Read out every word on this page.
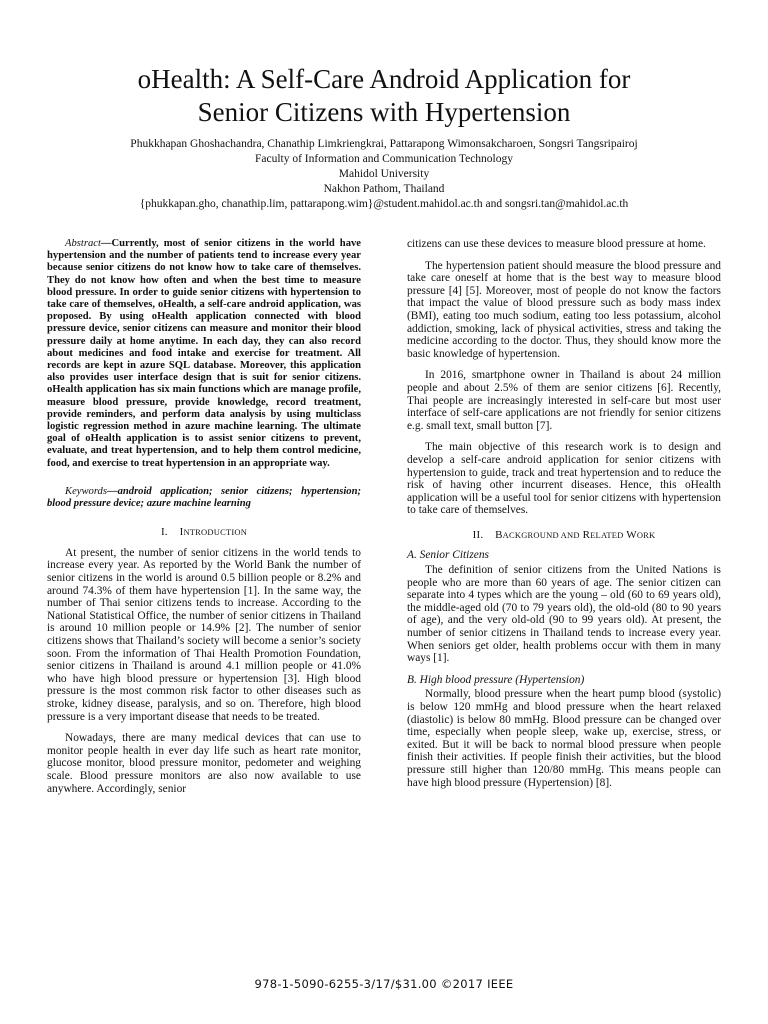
oHealth: A Self-Care Android Application for
Senior Citizens with Hypertension
Phukkhapan Ghoshachandra, Chanathip Limkriengkrai, Pattarapong Wimonsakcharoen, Songsri Tangsripairoj
Faculty of Information and Communication Technology
Mahidol University
Nakhon Pathom, Thailand
{phukkapan.gho, chanathip.lim, pattarapong.wim}@student.mahidol.ac.th and songsri.tan@mahidol.ac.th

Abstract—Currently, most of senior citizens in the world have hypertension and the number of patients tend to increase every year because senior citizens do not know how to take care of themselves. They do not know how often and when the best time to measure blood pressure. In order to guide senior citizens with hypertension to take care of themselves, oHealth, a self-care android application, was proposed. By using oHealth application connected with blood pressure device, senior citizens can measure and monitor their blood pressure daily at home anytime. In each day, they can also record about medicines and food intake and exercise for treatment. All records are kept in azure SQL database. Moreover, this application also provides user interface design that is suit for senior citizens. oHealth application has six main functions which are manage profile, measure blood pressure, provide knowledge, record treatment, provide reminders, and perform data analysis by using multiclass logistic regression method in azure machine learning. The ultimate goal of oHealth application is to assist senior citizens to prevent, evaluate, and treat hypertension, and to help them control medicine, food, and exercise to treat hypertension in an appropriate way.

Keywords—android application; senior citizens; hypertension; blood pressure device; azure machine learning

I. INTRODUCTION

At present, the number of senior citizens in the world tends to increase every year. As reported by the World Bank the number of senior citizens in the world is around 0.5 billion people or 8.2% and around 74.3% of them have hypertension [1]. In the same way, the number of Thai senior citizens tends to increase. According to the National Statistical Office, the number of senior citizens in Thailand is around 10 million people or 14.9% [2]. The number of senior citizens shows that Thailand’s society will become a senior’s society soon. From the information of Thai Health Promotion Foundation, senior citizens in Thailand is around 4.1 million people or 41.0% who have high blood pressure or hypertension [3]. High blood pressure is the most common risk factor to other diseases such as stroke, kidney disease, paralysis, and so on. Therefore, high blood pressure is a very important disease that needs to be treated.

Nowadays, there are many medical devices that can use to monitor people health in ever day life such as heart rate monitor, glucose monitor, blood pressure monitor, pedometer and weighing scale. Blood pressure monitors are also now available to use anywhere. Accordingly, senior

citizens can use these devices to measure blood pressure at home.

The hypertension patient should measure the blood pressure and take care oneself at home that is the best way to measure blood pressure [4] [5]. Moreover, most of people do not know the factors that impact the value of blood pressure such as body mass index (BMI), eating too much sodium, eating too less potassium, alcohol addiction, smoking, lack of physical activities, stress and taking the medicine according to the doctor. Thus, they should know more the basic knowledge of hypertension.

In 2016, smartphone owner in Thailand is about 24 million people and about 2.5% of them are senior citizens [6]. Recently, Thai people are increasingly interested in self-care but most user interface of self-care applications are not friendly for senior citizens e.g. small text, small button [7].

The main objective of this research work is to design and develop a self-care android application for senior citizens with hypertension to guide, track and treat hypertension and to reduce the risk of having other incurrent diseases. Hence, this oHealth application will be a useful tool for senior citizens with hypertension to take care of themselves.

II. BACKGROUND AND RELATED WORK
A. Senior Citizens

The definition of senior citizens from the United Nations is people who are more than 60 years of age. The senior citizen can separate into 4 types which are the young – old (60 to 69 years old), the middle-aged old (70 to 79 years old), the old-old (80 to 90 years of age), and the very old-old (90 to 99 years old). At present, the number of senior citizens in Thailand tends to increase every year. When seniors get older, health problems occur with them in many ways [1].

B. High blood pressure (Hypertension)

Normally, blood pressure when the heart pump blood (systolic) is below 120 mmHg and blood pressure when the heart relaxed (diastolic) is below 80 mmHg. Blood pressure can be changed over time, especially when people sleep, wake up, exercise, stress, or exited. But it will be back to normal blood pressure when people finish their activities. If people finish their activities, but the blood pressure still higher than 120/80 mmHg. This means people can have high blood pressure (Hypertension) [8].

978-1-5090-6255-3/17/$31.00 ©2017 IEEE
